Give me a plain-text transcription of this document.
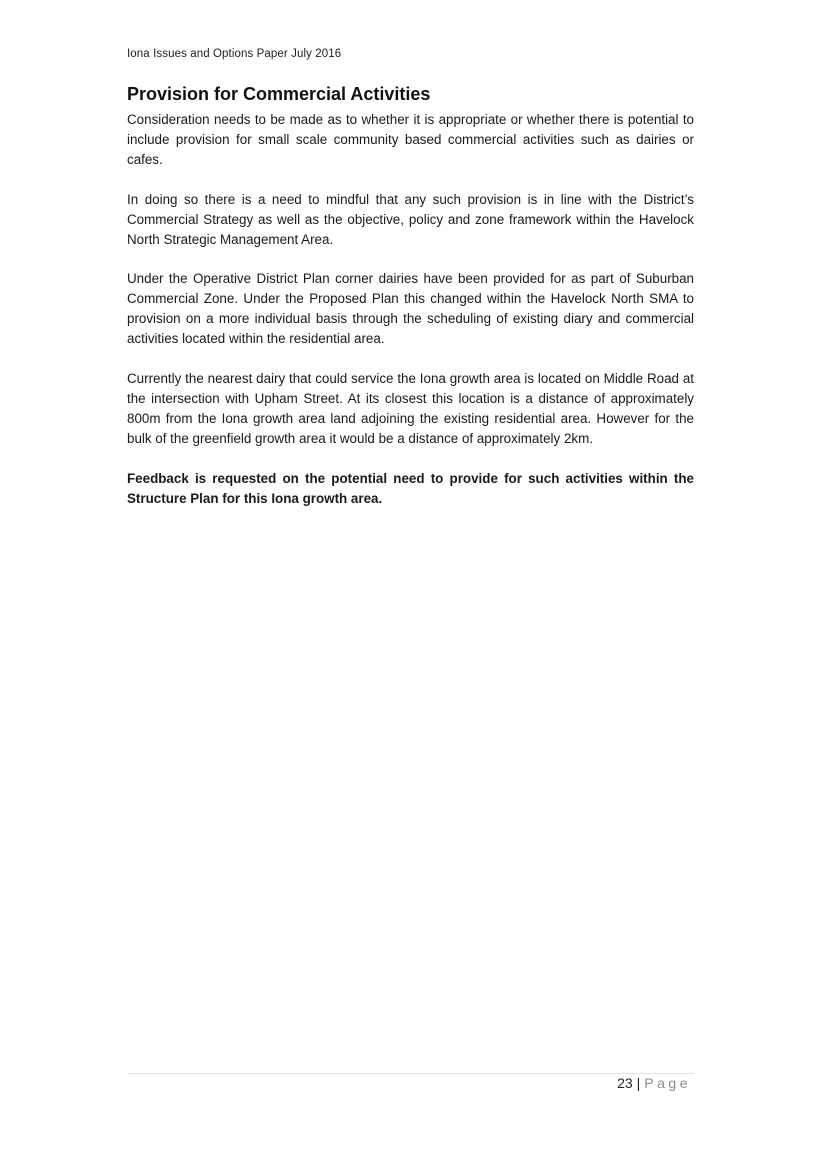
Iona Issues and Options Paper July 2016
Provision for Commercial Activities

Consideration needs to be made as to whether it is appropriate or whether there is potential to include provision for small scale community based commercial activities such as dairies or cafes.

In doing so there is a need to mindful that any such provision is in line with the District’s Commercial Strategy as well as the objective, policy and zone framework within the Havelock North Strategic Management Area.

Under the Operative District Plan corner dairies have been provided for as part of Suburban Commercial Zone. Under the Proposed Plan this changed within the Havelock North SMA to provision on a more individual basis through the scheduling of existing diary and commercial activities located within the residential area.

Currently the nearest dairy that could service the Iona growth area is located on Middle Road at the intersection with Upham Street. At its closest this location is a distance of approximately 800m from the Iona growth area land adjoining the existing residential area. However for the bulk of the greenfield growth area it would be a distance of approximately 2km.

Feedback is requested on the potential need to provide for such activities within the Structure Plan for this Iona growth area.

23 | Page
